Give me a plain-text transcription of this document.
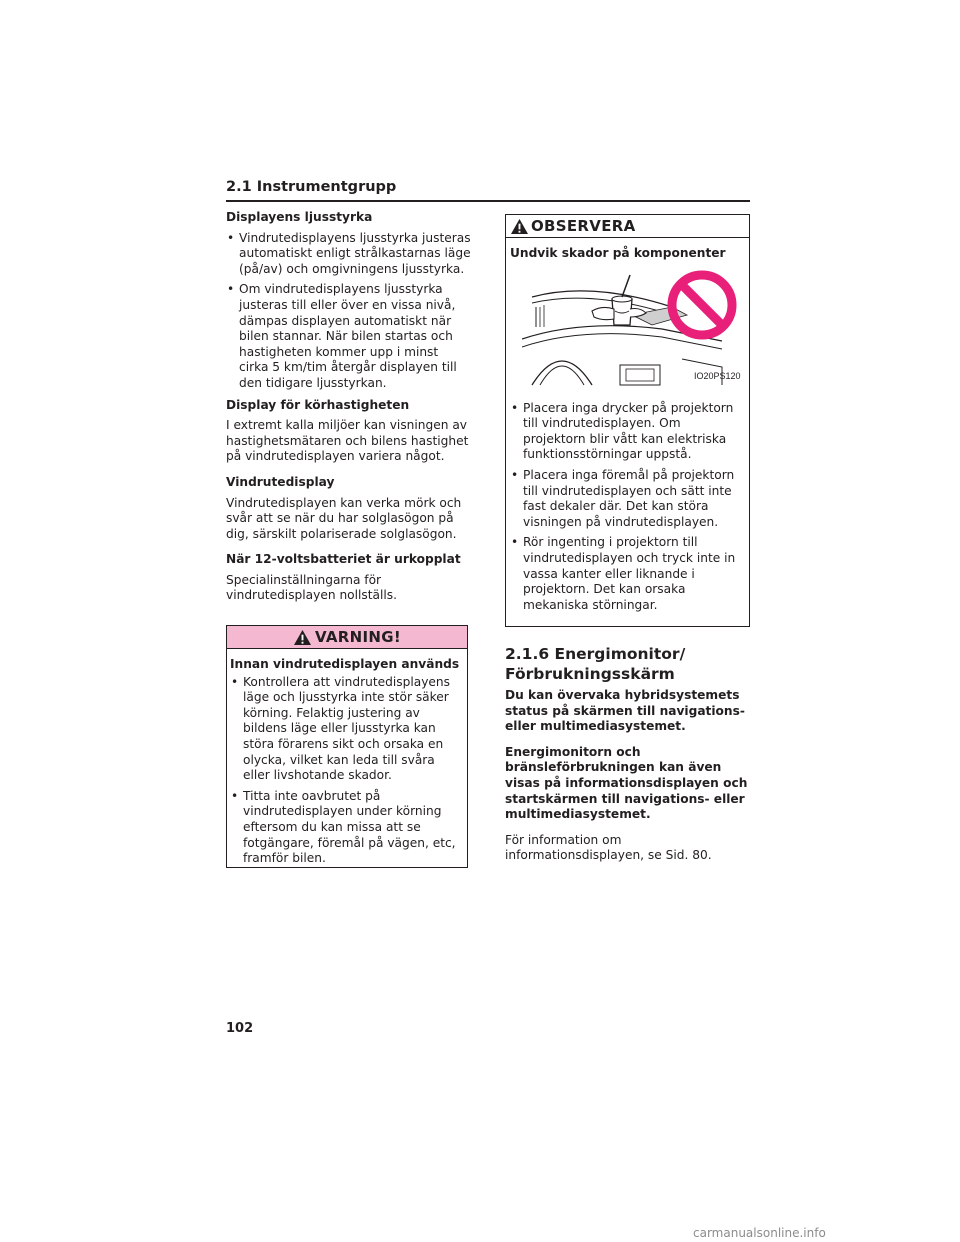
2.1 Instrumentgrupp
Displayens ljusstyrka
• Vindrutedisplayens ljusstyrka justeras automatiskt enligt strålkastarnas läge (på/av) och omgivningens ljusstyrka.
• Om vindrutedisplayens ljusstyrka justeras till eller över en vissa nivå, dämpas displayen automatiskt när bilen stannar. När bilen startas och hastigheten kommer upp i minst cirka 5 km/tim återgår displayen till den tidigare ljusstyrkan.
Display för körhastigheten

I extremt kalla miljöer kan visningen av hastighetsmätaren och bilens hastighet på vindrutedisplayen variera något.

Vindrutedisplay

Vindrutedisplayen kan verka mörk och svår att se när du har solglasögon på dig, särskilt polariserade solglasögon.

När 12-voltsbatteriet är urkopplat

Specialinställningarna för vindrutedisplayen nollställs.

VARNING!
Innan vindrutedisplayen används
• Kontrollera att vindrutedisplayens läge och ljusstyrka inte stör säker körning. Felaktig justering av bildens läge eller ljusstyrka kan störa förarens sikt och orsaka en olycka, vilket kan leda till svåra eller livshotande skador.
• Titta inte oavbrutet på vindrutedisplayen under körning eftersom du kan missa att se fotgängare, föremål på vägen, etc, framför bilen.
OBSERVERA
Undvik skador på komponenter
IO20PS120
• Placera inga drycker på projektorn till vindrutedisplayen. Om projektorn blir vått kan elektriska funktionsstörningar uppstå.
• Placera inga föremål på projektorn till vindrutedisplayen och sätt inte fast dekaler där. Det kan störa visningen på vindrutedisplayen.
• Rör ingenting i projektorn till vindrutedisplayen och tryck inte in vassa kanter eller liknande i projektorn. Det kan orsaka mekaniska störningar.
2.1.6 Energimonitor/
Förbrukningsskärm

Du kan övervaka hybridsystemets status på skärmen till navigations- eller multimediasystemet.

Energimonitorn och bränsleförbrukningen kan även visas på informationsdisplayen och startskärmen till navigations- eller multimediasystemet.

För information om informationsdisplayen, se Sid. 80.

102
carmanualsonline.info
